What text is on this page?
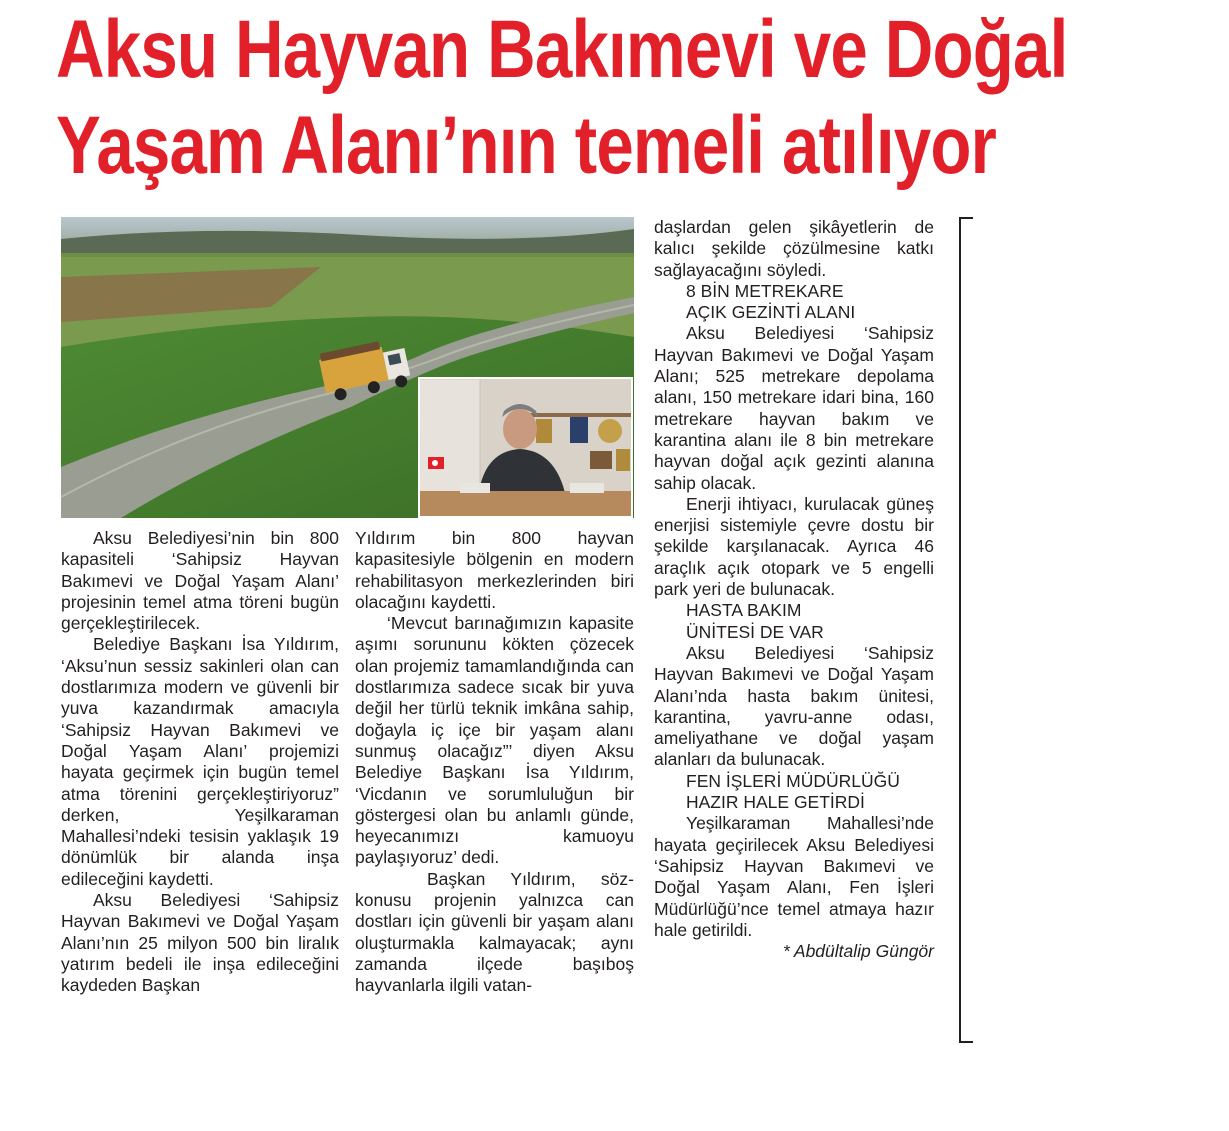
Aksu Hayvan Bakımevi ve Doğal
Yaşam Alanı’nın temeli atılıyor

Aksu Belediyesi’nin bin 800 kapasiteli ‘Sahipsiz Hayvan Bakımevi ve Doğal Yaşam Alanı’ projesinin temel atma töreni bugün gerçekleştirilecek.

Belediye Başkanı İsa Yıldırım, ‘Aksu’nun sessiz sakinleri olan can dostlarımıza modern ve güvenli bir yuva kazandırmak amacıyla ‘Sahipsiz Hayvan Bakımevi ve Doğal Yaşam Alanı’ projemizi hayata geçirmek için bugün temel atma törenini gerçekleştiriyoruz” derken, Yeşilkaraman Mahallesi’ndeki tesisin yaklaşık 19 dönümlük bir alanda inşa edileceğini kaydetti.

Aksu Belediyesi ‘Sahipsiz Hayvan Bakımevi ve Doğal Yaşam Alanı’nın 25 milyon 500 bin liralık yatırım bedeli ile inşa edileceğini kaydeden Başkan

Yıldırım bin 800 hayvan kapasitesiyle bölgenin en modern rehabilitasyon merkezlerinden biri olacağını kaydetti.

‘Mevcut barınağımızın kapasite aşımı sorununu kökten çözecek olan projemiz tamamlandığında can dostlarımıza sadece sıcak bir yuva değil her türlü teknik imkâna sahip, doğayla iç içe bir yaşam alanı sunmuş olacağız”’ diyen Aksu Belediye Başkanı İsa Yıldırım, ‘Vicdanın ve sorumluluğun bir göstergesi olan bu anlamlı günde, heyecanımızı kamuoyu paylaşıyoruz’ dedi.

Başkan Yıldırım, söz- konusu projenin yalnızca can dostları için güvenli bir yaşam alanı oluşturmakla kalmayacak; aynı zamanda ilçede başıboş hayvanlarla ilgili vatan-

daşlardan gelen şikâyetlerin de kalıcı şekilde çözülmesine katkı sağlayacağını söyledi.

8 BİN METREKARE
AÇIK GEZİNTİ ALANI

Aksu Belediyesi ‘Sahipsiz Hayvan Bakımevi ve Doğal Yaşam Alanı; 525 metrekare depolama alanı, 150 metrekare idari bina, 160 metrekare hayvan bakım ve karantina alanı ile 8 bin metrekare hayvan doğal açık gezinti alanına sahip olacak.

Enerji ihtiyacı, kurulacak güneş enerjisi sistemiyle çevre dostu bir şekilde karşılanacak. Ayrıca 46 araçlık açık otopark ve 5 engelli park yeri de bulunacak.

HASTA BAKIM
ÜNİTESİ DE VAR

Aksu Belediyesi ‘Sahipsiz Hayvan Bakımevi ve Doğal Yaşam Alanı’nda hasta bakım ünitesi, karantina, yavru-anne odası, ameliyathane ve doğal yaşam alanları da bulunacak.

FEN İŞLERİ MÜDÜRLÜĞÜ
HAZIR HALE GETİRDİ

Yeşilkaraman Mahallesi’nde hayata geçirilecek Aksu Belediyesi ‘Sahipsiz Hayvan Bakımevi ve Doğal Yaşam Alanı, Fen İşleri Müdürlüğü’nce temel atmaya hazır hale getirildi.

* Abdültalip Güngör
